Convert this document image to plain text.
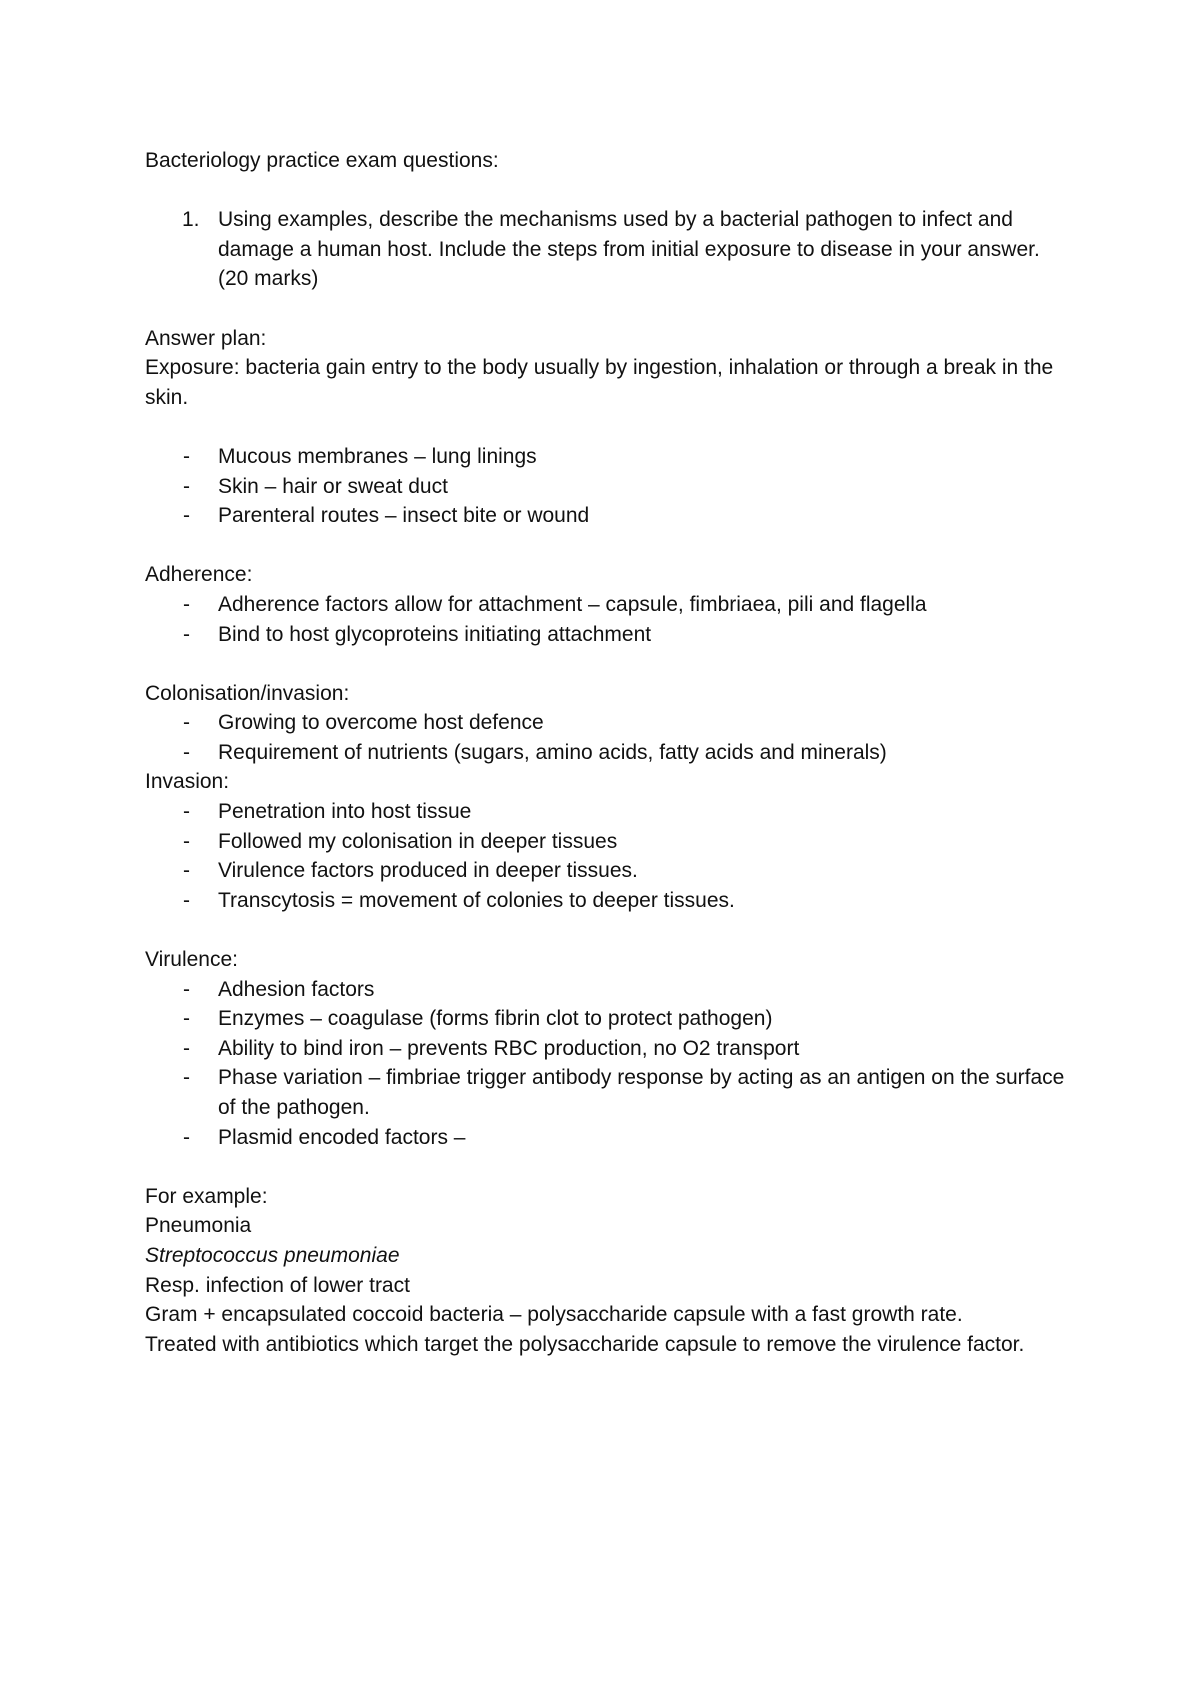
Bacteriology practice exam questions:

1. Using examples, describe the mechanisms used by a bacterial pathogen to infect and damage a human host. Include the steps from initial exposure to disease in your answer. (20 marks)

Answer plan:

Exposure: bacteria gain entry to the body usually by ingestion, inhalation or through a break in the skin.

- Mucous membranes – lung linings
- Skin – hair or sweat duct
- Parenteral routes – insect bite or wound

Adherence:

- Adherence factors allow for attachment – capsule, fimbriaea, pili and flagella
- Bind to host glycoproteins initiating attachment

Colonisation/invasion:

- Growing to overcome host defence
- Requirement of nutrients (sugars, amino acids, fatty acids and minerals)

Invasion:

- Penetration into host tissue
- Followed my colonisation in deeper tissues
- Virulence factors produced in deeper tissues.
- Transcytosis = movement of colonies to deeper tissues.

Virulence:

- Adhesion factors
- Enzymes – coagulase (forms fibrin clot to protect pathogen)
- Ability to bind iron – prevents RBC production, no O2 transport
- Phase variation – fimbriae trigger antibody response by acting as an antigen on the surface of the pathogen.
- Plasmid encoded factors –

For example:

Pneumonia

Streptococcus pneumoniae

Resp. infection of lower tract

Gram + encapsulated coccoid bacteria – polysaccharide capsule with a fast growth rate.

Treated with antibiotics which target the polysaccharide capsule to remove the virulence factor.
